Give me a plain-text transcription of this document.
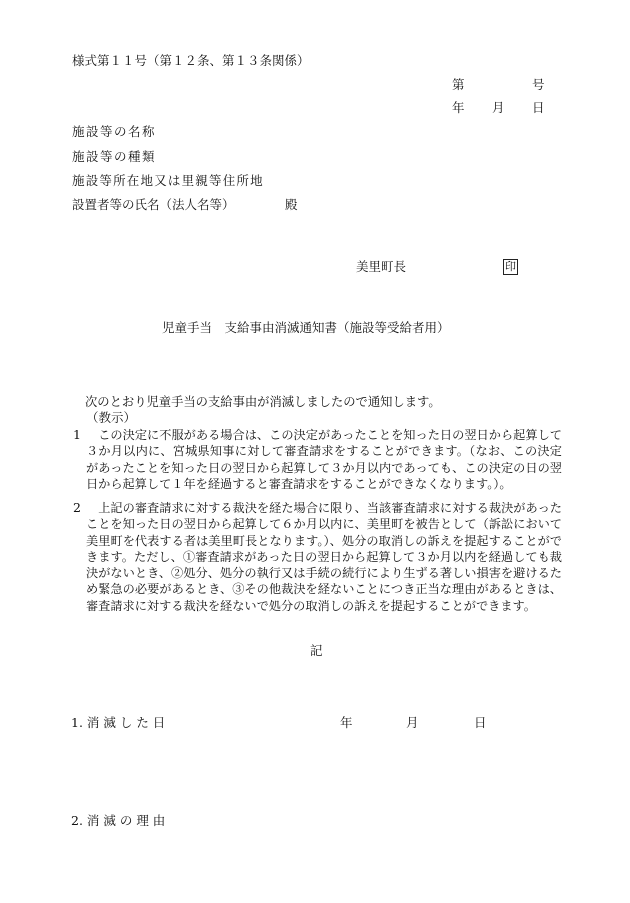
様式第１１号（第１２条、第１３条関係）
第	号
年 月 日
施設等の名称
施設等の種類
施設等所在地又は里親等住所地
設置者等の氏名（法人名等）	殿
美里町長	印
児童手当　支給事由消滅通知書（施設等受給者用）
次のとおり児童手当の支給事由が消滅しましたので通知します。
（教示）
1	この決定に不服がある場合は、この決定があったことを知った日の翌日から起算して３か月以内に、宮城県知事に対して審査請求をすることができます。（なお、この決定があったことを知った日の翌日から起算して３か月以内であっても、この決定の日の翌日から起算して１年を経過すると審査請求をすることができなくなります。）。
2	上記の審査請求に対する裁決を経た場合に限り、当該審査請求に対する裁決があったことを知った日の翌日から起算して６か月以内に、美里町を被告として（訴訟において美里町を代表する者は美里町長となります。）、処分の取消しの訴えを提起することができます。ただし、①審査請求があった日の翌日から起算して３か月以内を経過しても裁決がないとき、②処分、処分の執行又は手続の続行により生ずる著しい損害を避けるため緊急の必要があるとき、③その他裁決を経ないことにつき正当な理由があるときは、審査請求に対する裁決を経ないで処分の取消しの訴えを提起することができます。
記
1. 消 滅 し た 日	年	月	日
2. 消 滅 の 理 由
